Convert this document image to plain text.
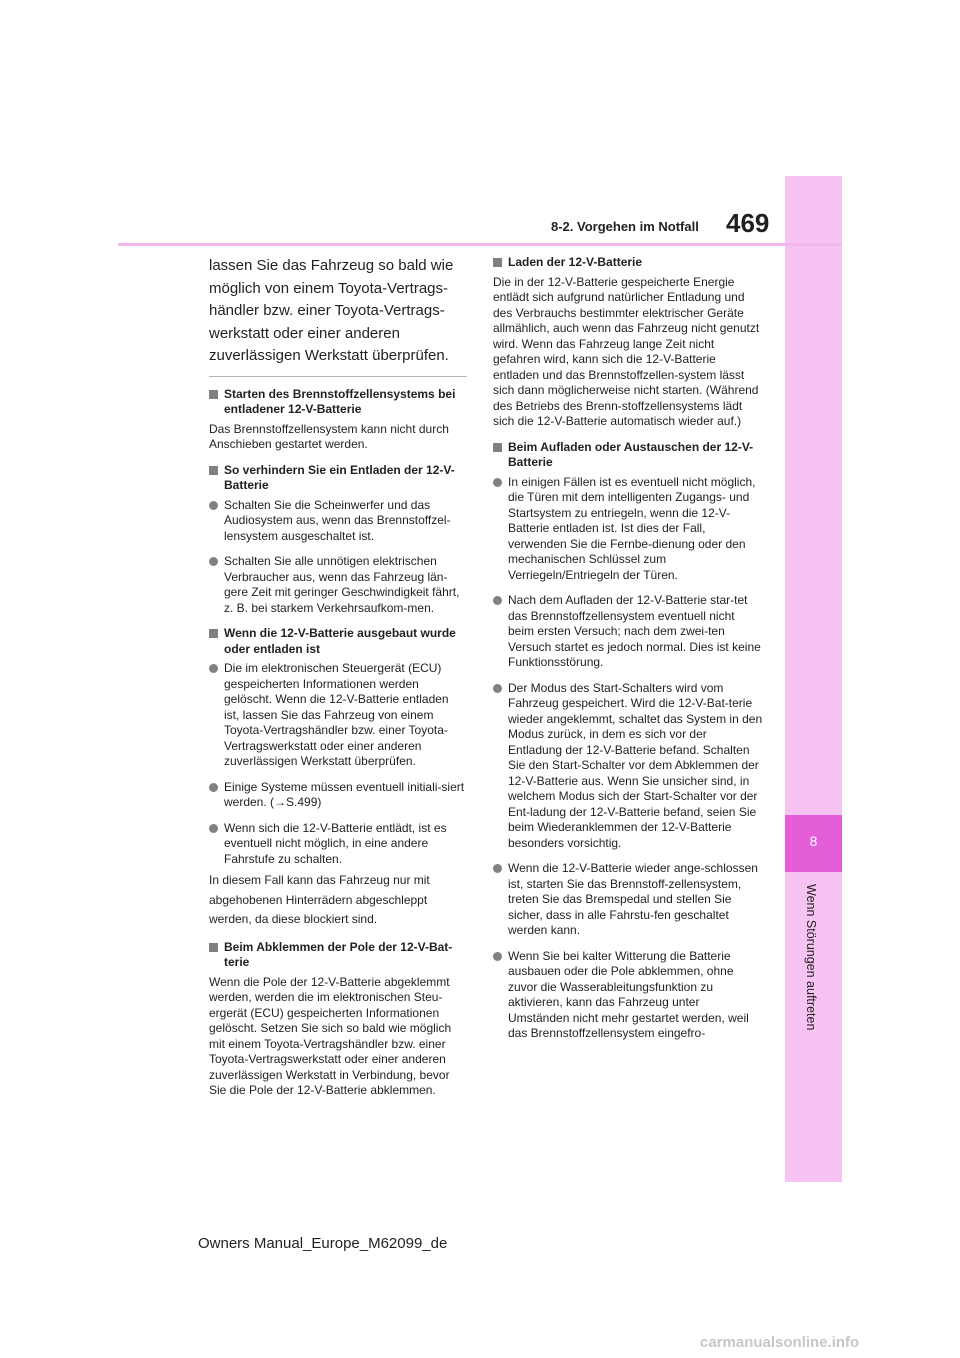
8
Wenn Störungen auftreten
469
8-2. Vorgehen im Notfall

lassen Sie das Fahrzeug so bald wie möglich von einem Toyota-Vertrags-händler bzw. einer Toyota-Vertrags-werkstatt oder einer anderen zuverlässigen Werkstatt überprüfen.

Starten des Brennstoffzellensystems bei entladener 12-V-Batterie

Das Brennstoffzellensystem kann nicht durch Anschieben gestartet werden.

So verhindern Sie ein Entladen der 12-V-Batterie
Schalten Sie die Scheinwerfer und das Audiosystem aus, wenn das Brennstoffzel-lensystem ausgeschaltet ist.
Schalten Sie alle unnötigen elektrischen Verbraucher aus, wenn das Fahrzeug län-gere Zeit mit geringer Geschwindigkeit fährt, z. B. bei starkem Verkehrsaufkom-men.
Wenn die 12-V-Batterie ausgebaut wurde oder entladen ist
Die im elektronischen Steuergerät (ECU) gespeicherten Informationen werden gelöscht. Wenn die 12-V-Batterie entladen ist, lassen Sie das Fahrzeug von einem Toyota-Vertragshändler bzw. einer Toyota-Vertragswerkstatt oder einer anderen zuverlässigen Werkstatt überprüfen.
Einige Systeme müssen eventuell initiali-siert werden. (→S.499)
Wenn sich die 12-V-Batterie entlädt, ist es eventuell nicht möglich, in eine andere Fahrstufe zu schalten.

In diesem Fall kann das Fahrzeug nur mit abgehobenen Hinterrädern abgeschleppt werden, da diese blockiert sind.

Beim Abklemmen der Pole der 12-V-Bat-terie

Wenn die Pole der 12-V-Batterie abgeklemmt werden, werden die im elektronischen Steu-ergerät (ECU) gespeicherten Informationen gelöscht. Setzen Sie sich so bald wie möglich mit einem Toyota-Vertragshändler bzw. einer Toyota-Vertragswerkstatt oder einer anderen zuverlässigen Werkstatt in Verbindung, bevor Sie die Pole der 12-V-Batterie abklemmen.

Laden der 12-V-Batterie

Die in der 12-V-Batterie gespeicherte Energie entlädt sich aufgrund natürlicher Entladung und des Verbrauchs bestimmter elektrischer Geräte allmählich, auch wenn das Fahrzeug nicht genutzt wird. Wenn das Fahrzeug lange Zeit nicht gefahren wird, kann sich die 12-V-Batterie entladen und das Brennstoffzellen-system lässt sich dann möglicherweise nicht starten. (Während des Betriebs des Brenn-stoffzellensystems lädt sich die 12-V-Batterie automatisch wieder auf.)

Beim Aufladen oder Austauschen der 12-V-Batterie
In einigen Fällen ist es eventuell nicht möglich, die Türen mit dem intelligenten Zugangs- und Startsystem zu entriegeln, wenn die 12-V-Batterie entladen ist. Ist dies der Fall, verwenden Sie die Fernbe-dienung oder den mechanischen Schlüssel zum Verriegeln/Entriegeln der Türen.
Nach dem Aufladen der 12-V-Batterie star-tet das Brennstoffzellensystem eventuell nicht beim ersten Versuch; nach dem zwei-ten Versuch startet es jedoch normal. Dies ist keine Funktionsstörung.
Der Modus des Start-Schalters wird vom Fahrzeug gespeichert. Wird die 12-V-Bat-terie wieder angeklemmt, schaltet das System in den Modus zurück, in dem es sich vor der Entladung der 12-V-Batterie befand. Schalten Sie den Start-Schalter vor dem Abklemmen der 12-V-Batterie aus. Wenn Sie unsicher sind, in welchem Modus sich der Start-Schalter vor der Ent-ladung der 12-V-Batterie befand, seien Sie beim Wiederanklemmen der 12-V-Batterie besonders vorsichtig.
Wenn die 12-V-Batterie wieder ange-schlossen ist, starten Sie das Brennstoff-zellensystem, treten Sie das Bremspedal und stellen Sie sicher, dass in alle Fahrstu-fen geschaltet werden kann.
Wenn Sie bei kalter Witterung die Batterie ausbauen oder die Pole abklemmen, ohne zuvor die Wasserableitungsfunktion zu aktivieren, kann das Fahrzeug unter Umständen nicht mehr gestartet werden, weil das Brennstoffzellensystem eingefro-
Owners Manual_Europe_M62099_de
carmanualsonline.info
